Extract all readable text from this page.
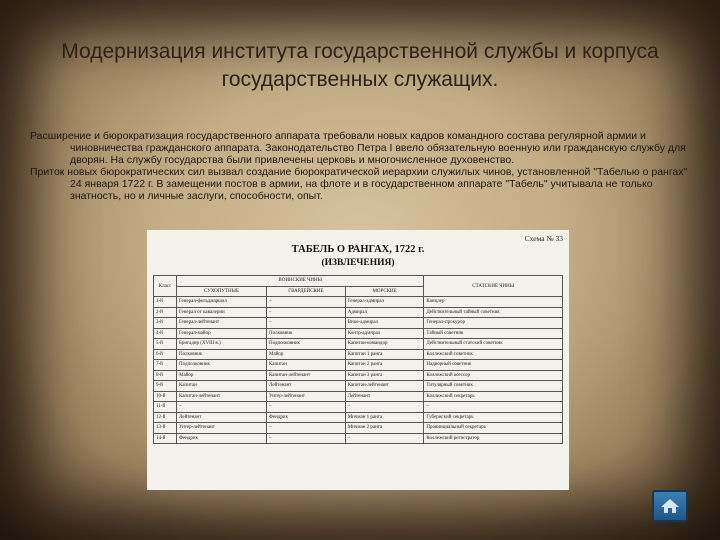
Модернизация института государственной службы и корпуса государственных служащих.

Расширение и бюрократизация государственного аппарата требовали новых кадров командного состава регулярной армии и чиновничества гражданского аппарата. Законодательство Петра I ввело обязательную военную или гражданскую службу для дворян. На службу государства были привлечены церковь и многочисленное духовенство.

Приток новых бюрократических сил вызвал создание бюрократической иерархии служилых чинов, установленной "Табелью о рангах" 24 января 1722 г. В замещении постов в армии, на флоте и в государственном аппарате "Табель" учитывала не только знатность, но и личные заслуги, способности, опыт.

Схема № 33
ТАБЕЛЬ О РАНГАХ, 1722 г.
(ИЗВЛЕЧЕНИЯ)
Класс	ВОИНСКИЕ ЧИНЫ			СТАТСКИЕ ЧИНЫ
	СУХОПУТНЫЕ	ГВАРДЕЙСКИЕ	МОРСКИЕ	
1-й	Генерал-фельдмаршал	–	Генерал-адмирал	Канцлер
2-й	Генерал от кавалерии	–	Адмирал	Действительный тайный советник
3-й	Генерал-лейтенант	–	Вице-адмирал	Генерал-прокурор
4-й	Генерал-майор	Полковник	Контр-адмирал	Тайный советник
5-й	Бригадир (XVIII в.)	Подполковник	Капитан-командор	Действительный статский советник
6-й	Полковник	Майор	Капитан 1 ранга	Коллежский советник
7-й	Подполковник	Капитан	Капитан 2 ранга	Надворный советник
8-й	Майор	Капитан-лейтенант	Капитан 3 ранга	Коллежский асессор
9-й	Капитан	Лейтенант	Капитан-лейтенант	Титулярный советник
10-й	Капитан-лейтенант	Унтер-лейтенант	Лейтенант	Коллежский секретарь
11-й	–	–	–	–
12-й	Лейтенант	Фендрик	Мичман 1 ранга	Губернский секретарь
13-й	Унтер-лейтенант	–	Мичман 2 ранга	Провинциальный секретарь
14-й	Фендрик	–	–	Коллежский регистратор
